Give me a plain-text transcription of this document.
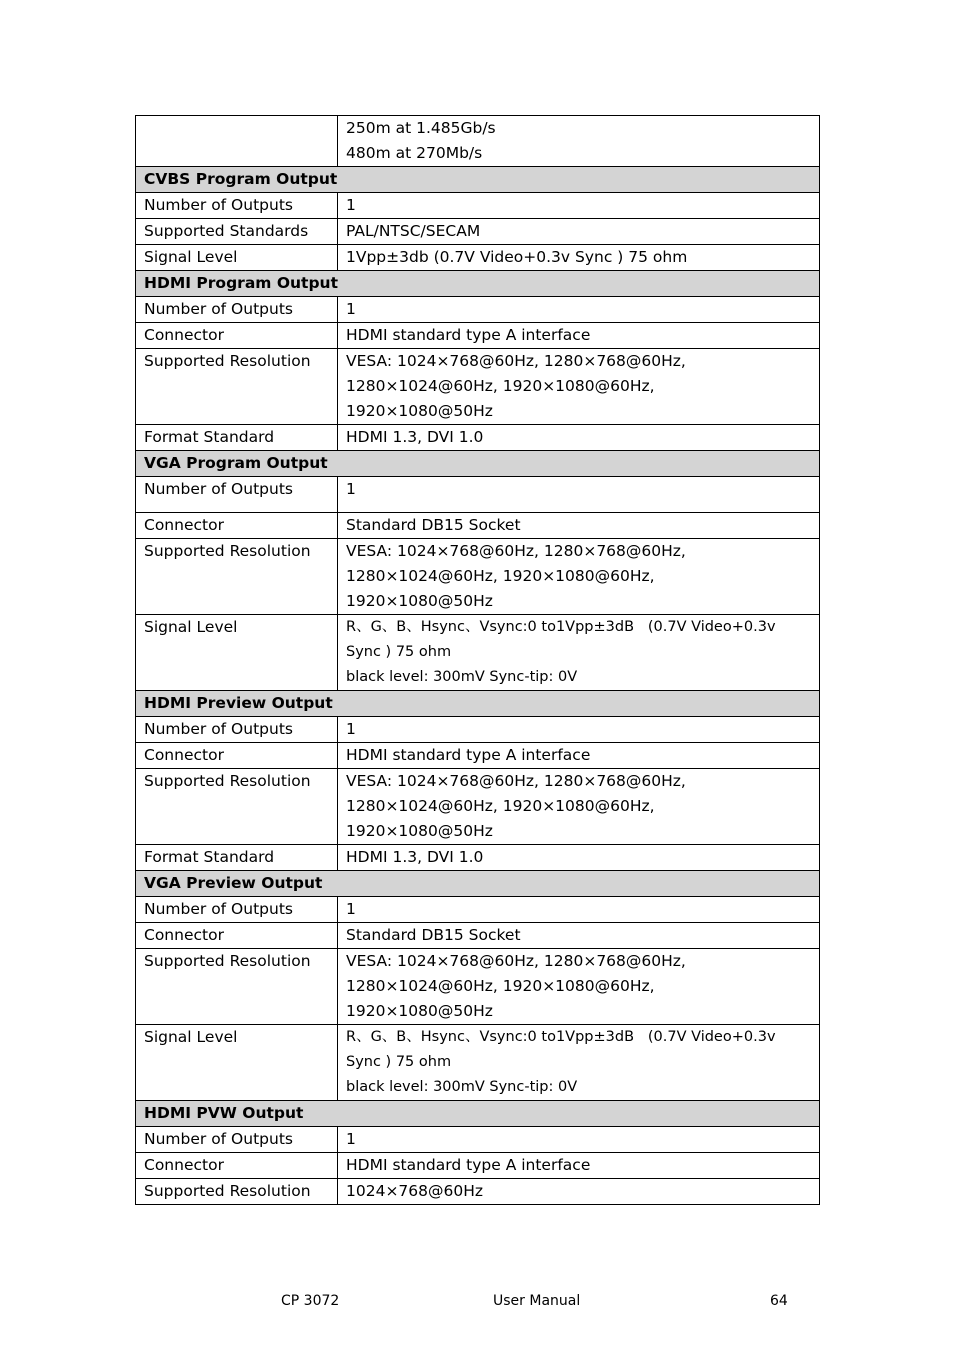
	250m at 1.485Gb/s
480m at 270Mb/s

CVBS Program Output	
Number of Outputs	1

Supported Standards	PAL/NTSC/SECAM

Signal Level	1Vpp±3db (0.7V Video+0.3v Sync ) 75 ohm

HDMI Program Output	
Number of Outputs	1

Connector	HDMI standard type A interface

Supported Resolution	VESA: 1024×768@60Hz, 1280×768@60Hz,
1280×1024@60Hz, 1920×1080@60Hz,
1920×1080@50Hz

Format Standard	HDMI 1.3, DVI 1.0

VGA Program Output	
Number of Outputs	1

Connector	Standard DB15 Socket

Supported Resolution	VESA: 1024×768@60Hz, 1280×768@60Hz,
1280×1024@60Hz, 1920×1080@60Hz,
1920×1080@50Hz

Signal Level	R、G、B、Hsync、Vsync:0 to1Vpp±3dB   (0.7V Video+0.3v
Sync ) 75 ohm
black level: 300mV Sync-tip: 0V

HDMI Preview Output	
Number of Outputs	1

Connector	HDMI standard type A interface

Supported Resolution	VESA: 1024×768@60Hz, 1280×768@60Hz,
1280×1024@60Hz, 1920×1080@60Hz,
1920×1080@50Hz

Format Standard	HDMI 1.3, DVI 1.0

VGA Preview Output	
Number of Outputs	1

Connector	Standard DB15 Socket

Supported Resolution	VESA: 1024×768@60Hz, 1280×768@60Hz,
1280×1024@60Hz, 1920×1080@60Hz,
1920×1080@50Hz

Signal Level	R、G、B、Hsync、Vsync:0 to1Vpp±3dB   (0.7V Video+0.3v
Sync ) 75 ohm
black level: 300mV Sync-tip: 0V

HDMI PVW Output	
Number of Outputs	1

Connector	HDMI standard type A interface

Supported Resolution	1024×768@60Hz
CP 3072	User Manual	64
